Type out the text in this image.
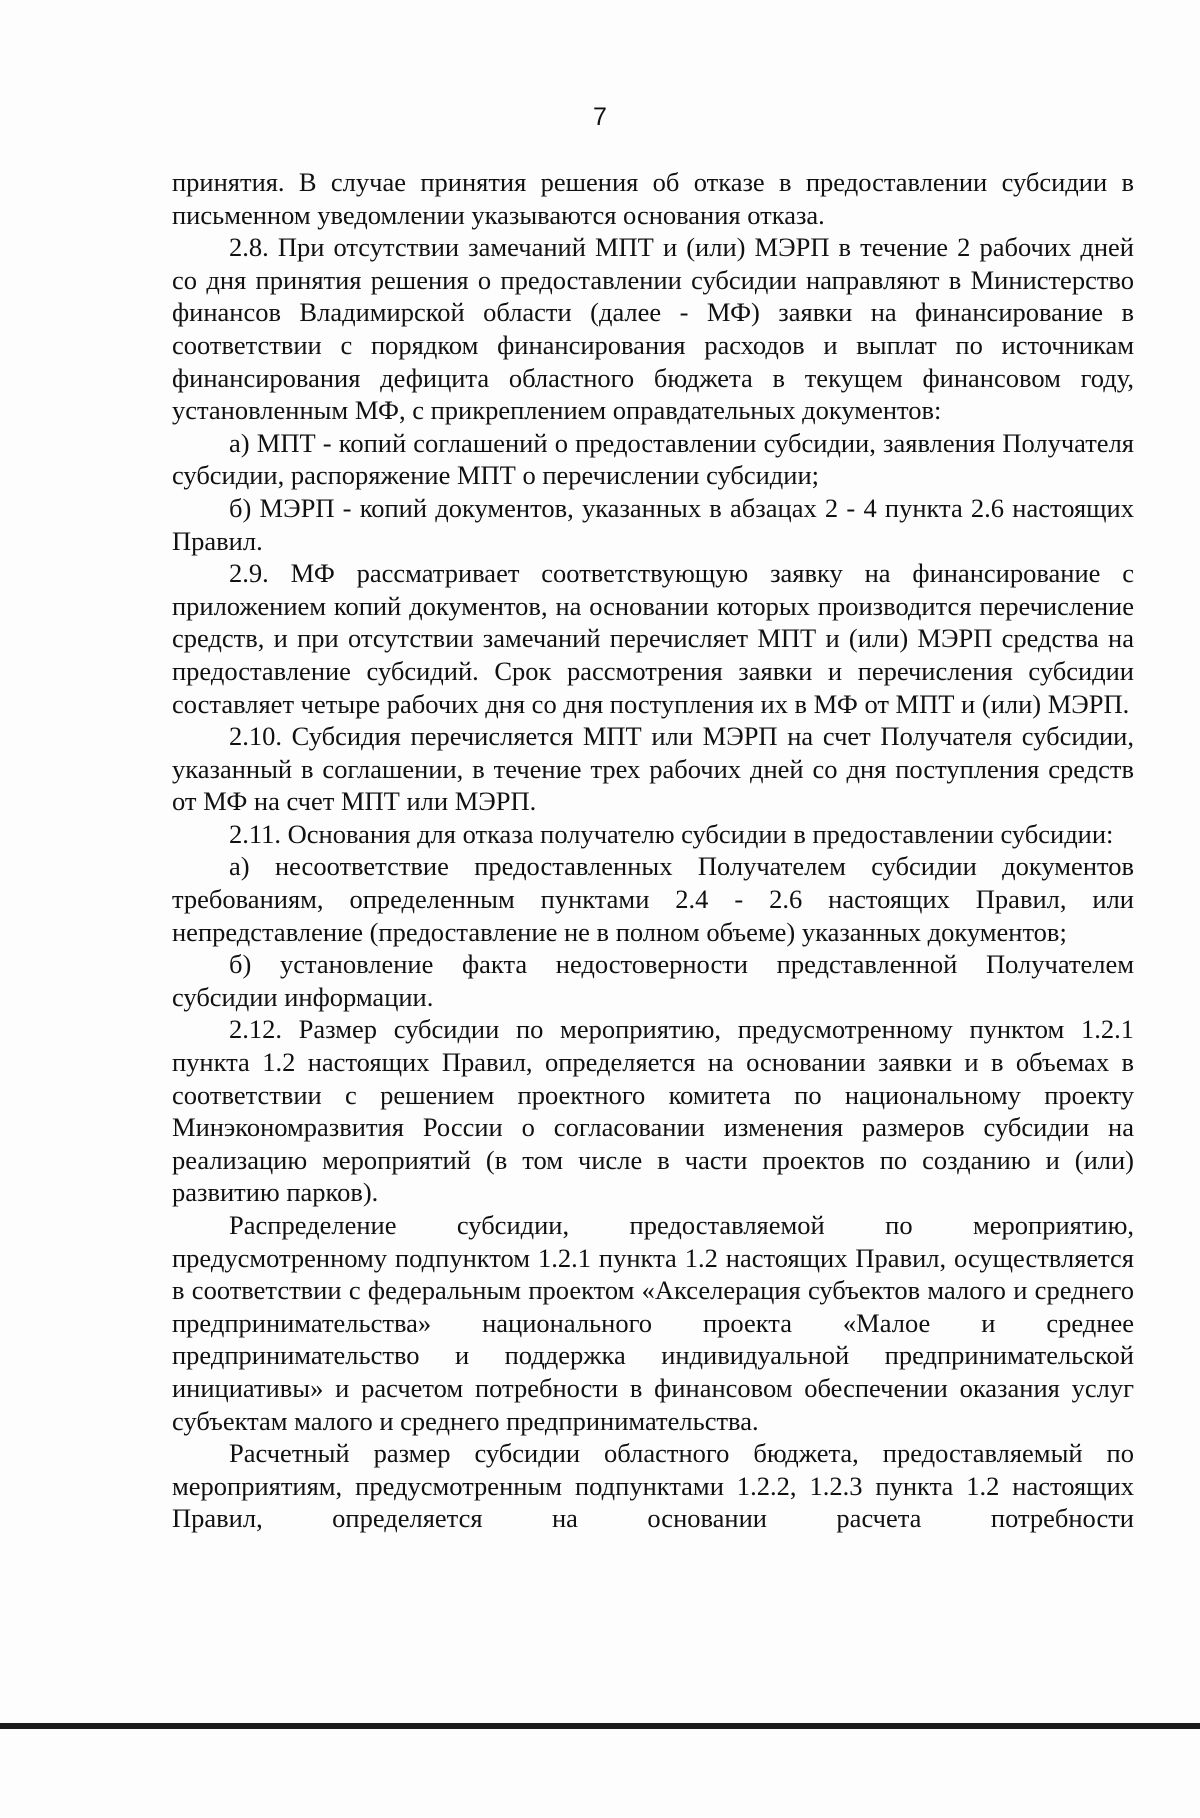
7

принятия. В случае принятия решения об отказе в предоставлении субсидии в письменном уведомлении указываются основания отказа.

2.8. При отсутствии замечаний МПТ и (или) МЭРП в течение 2 рабочих дней со дня принятия решения о предоставлении субсидии направляют в Министерство финансов Владимирской области (далее - МФ) заявки на финансирование в соответствии с порядком финансирования расходов и выплат по источникам финансирования дефицита областного бюджета в текущем финансовом году, установленным МФ, с прикреплением оправдательных документов:

а) МПТ - копий соглашений о предоставлении субсидии, заявления Получателя субсидии, распоряжение МПТ о перечислении субсидии;

б) МЭРП - копий документов, указанных в абзацах 2 - 4 пункта 2.6 настоящих Правил.

2.9. МФ рассматривает соответствующую заявку на финансирование с приложением копий документов, на основании которых производится перечисление средств, и при отсутствии замечаний перечисляет МПТ и (или) МЭРП средства на предоставление субсидий. Срок рассмотрения заявки и перечисления субсидии составляет четыре рабочих дня со дня поступления их в МФ от МПТ и (или) МЭРП.

2.10. Субсидия перечисляется МПТ или МЭРП на счет Получателя субсидии, указанный в соглашении, в течение трех рабочих дней со дня поступления средств от МФ на счет МПТ или МЭРП.

2.11. Основания для отказа получателю субсидии в предоставлении субсидии:

а) несоответствие предоставленных Получателем субсидии документов требованиям, определенным пунктами 2.4 - 2.6 настоящих Правил, или непредставление (предоставление не в полном объеме) указанных документов;

б) установление факта недостоверности представленной Получателем субсидии информации.

2.12. Размер субсидии по мероприятию, предусмотренному пунктом 1.2.1 пункта 1.2 настоящих Правил, определяется на основании заявки и в объемах в соответствии с решением проектного комитета по национальному проекту Минэкономразвития России о согласовании изменения размеров субсидии на реализацию мероприятий (в том числе в части проектов по созданию и (или) развитию парков).

Распределение субсидии, предоставляемой по мероприятию, предусмотренному подпунктом 1.2.1 пункта 1.2 настоящих Правил, осуществляется в соответствии с федеральным проектом «Акселерация субъектов малого и среднего предпринимательства» национального проекта «Малое и среднее предпринимательство и поддержка индивидуальной предпринимательской инициативы» и расчетом потребности в финансовом обеспечении оказания услуг субъектам малого и среднего предпринимательства.

Расчетный размер субсидии областного бюджета, предоставляемый по мероприятиям, предусмотренным подпунктами 1.2.2, 1.2.3 пункта 1.2 настоящих Правил, определяется на основании расчета потребности
